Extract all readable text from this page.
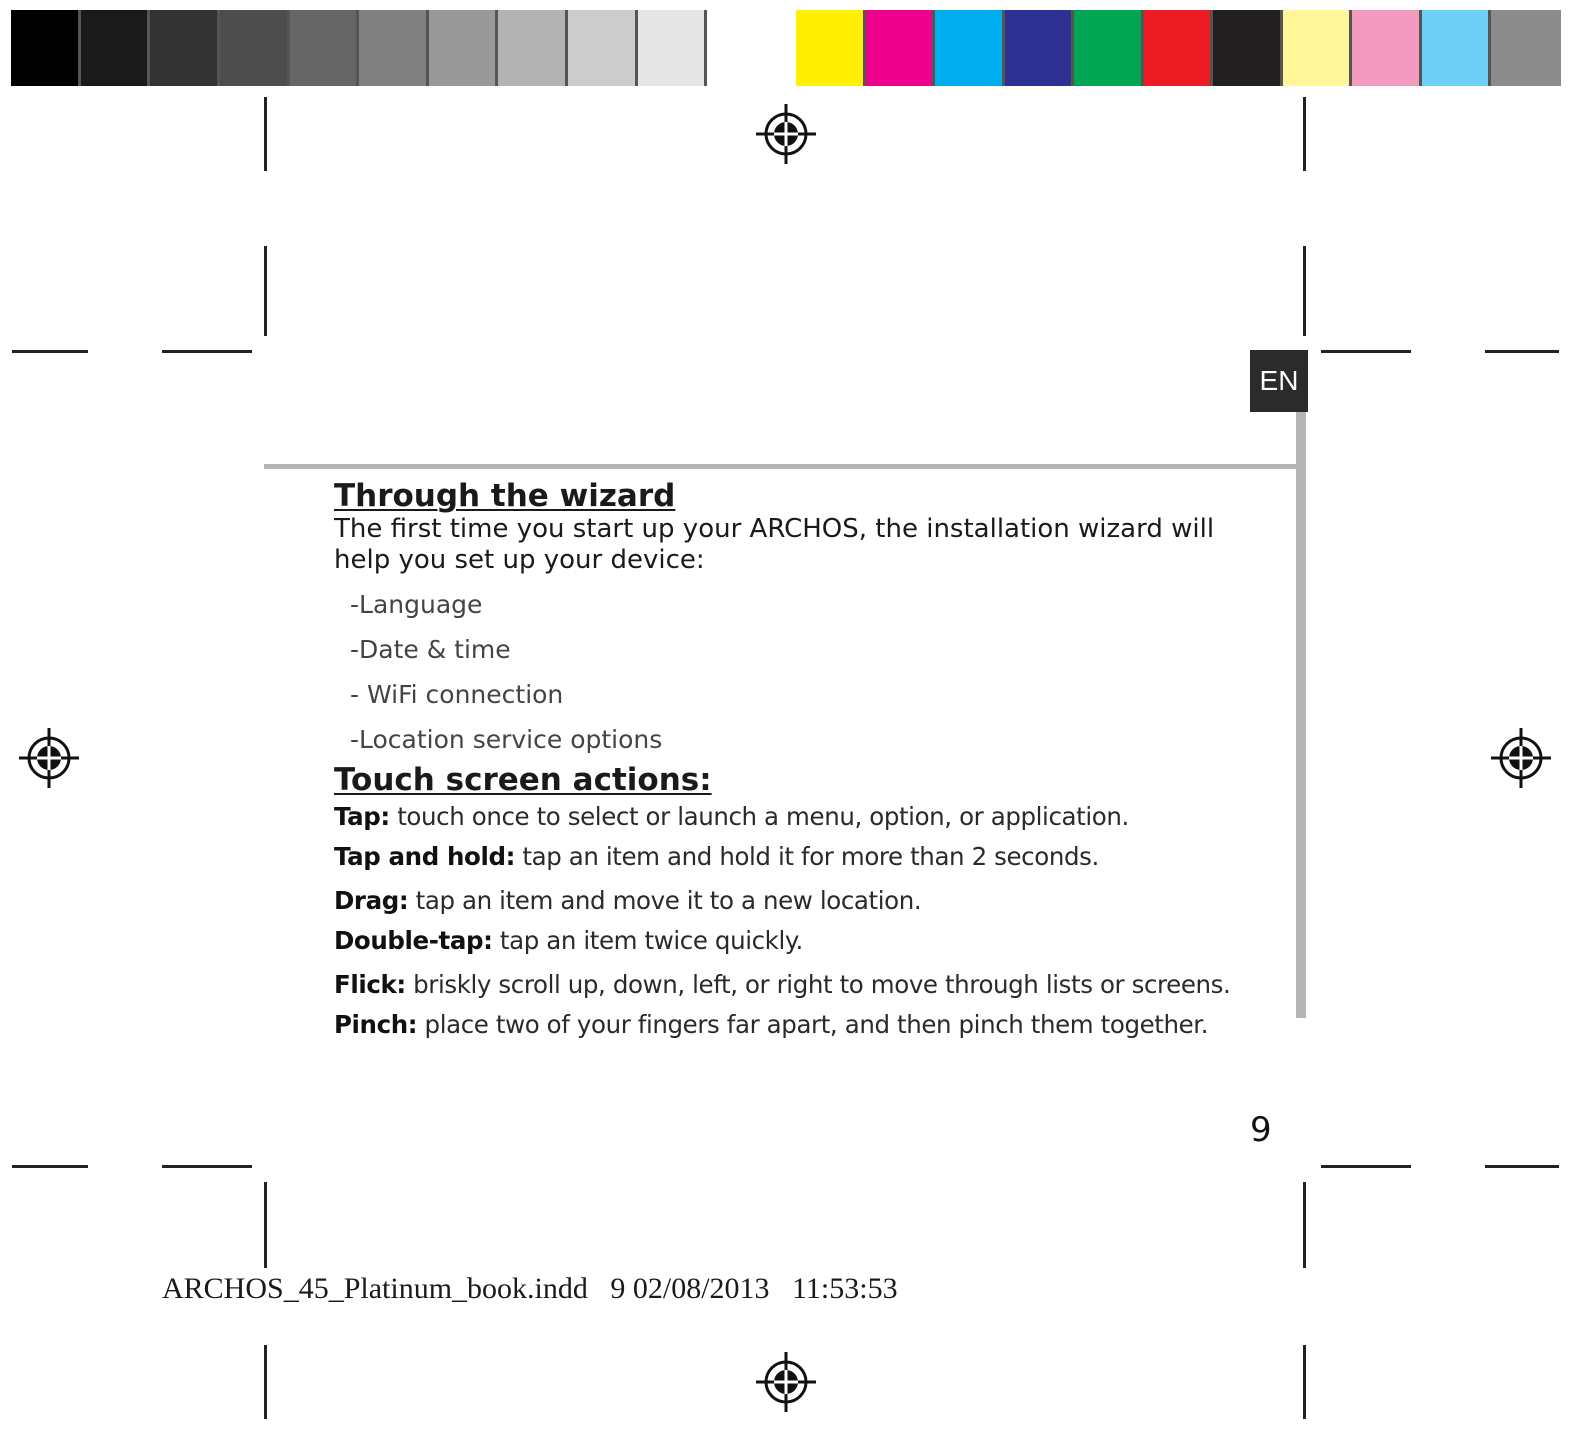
EN
Through the wizard
The first time you start up your ARCHOS, the installation wizard will help you set up your device:
-Language
-Date & time
- WiFi connection
-Location service options
Touch screen actions:
Tap: touch once to select or launch a menu, option, or application.
Tap and hold: tap an item and hold it for more than 2 seconds.
Drag: tap an item and move it to a new location.
Double-tap: tap an item twice quickly.
Flick: briskly scroll up, down, left, or right to move through lists or screens.
Pinch: place two of your fingers far apart, and then pinch them together.
9
ARCHOS_45_Platinum_book.indd   9 02/08/2013   11:53:53
